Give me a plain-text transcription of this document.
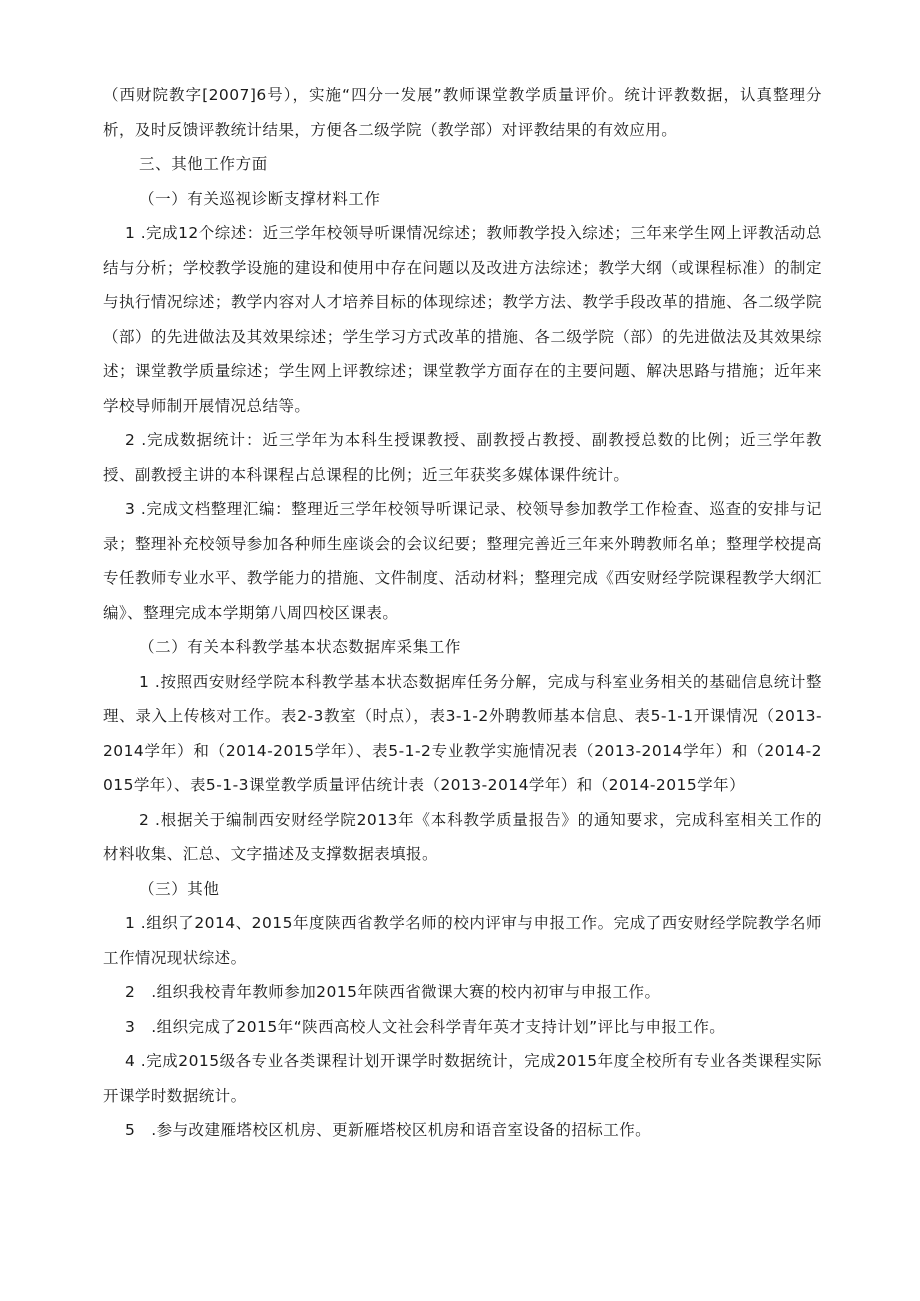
（西财院教字[2007]6号），实施“四分一发展”教师课堂教学质量评价。统计评教数据，认真整理分析，及时反馈评教统计结果，方便各二级学院（教学部）对评教结果的有效应用。

三、其他工作方面

（一）有关巡视诊断支撑材料工作

1 .完成12个综述：近三学年校领导听课情况综述；教师教学投入综述；三年来学生网上评教活动总结与分析；学校教学设施的建设和使用中存在问题以及改进方法综述；教学大纲（或课程标准）的制定与执行情况综述；教学内容对人才培养目标的体现综述；教学方法、教学手段改革的措施、各二级学院（部）的先进做法及其效果综述；学生学习方式改革的措施、各二级学院（部）的先进做法及其效果综述；课堂教学质量综述；学生网上评教综述；课堂教学方面存在的主要问题、解决思路与措施；近年来学校导师制开展情况总结等。

2 .完成数据统计：近三学年为本科生授课教授、副教授占教授、副教授总数的比例；近三学年教授、副教授主讲的本科课程占总课程的比例；近三年获奖多媒体课件统计。

3 .完成文档整理汇编：整理近三学年校领导听课记录、校领导参加教学工作检查、巡查的安排与记录；整理补充校领导参加各种师生座谈会的会议纪要；整理完善近三年来外聘教师名单；整理学校提高专任教师专业水平、教学能力的措施、文件制度、活动材料；整理完成《西安财经学院课程教学大纲汇编》、整理完成本学期第八周四校区课表。

（二）有关本科教学基本状态数据库采集工作

1 .按照西安财经学院本科教学基本状态数据库任务分解，完成与科室业务相关的基础信息统计整理、录入上传核对工作。表2-3教室（时点），表3-1-2外聘教师基本信息、表5-1-1开课情况（2013-2014学年）和（2014-2015学年）、表5-1-2专业教学实施情况表（2013-2014学年）和（2014-2015学年）、表5-1-3课堂教学质量评估统计表（2013-2014学年）和（2014-2015学年）

2 .根据关于编制西安财经学院2013年《本科教学质量报告》的通知要求，完成科室相关工作的材料收集、汇总、文字描述及支撑数据表填报。

（三）其他

1 .组织了2014、2015年度陕西省教学名师的校内评审与申报工作。完成了西安财经学院教学名师工作情况现状综述。

2　.组织我校青年教师参加2015年陕西省微课大赛的校内初审与申报工作。

3　.组织完成了2015年“陕西高校人文社会科学青年英才支持计划”评比与申报工作。

4 .完成2015级各专业各类课程计划开课学时数据统计，完成2015年度全校所有专业各类课程实际开课学时数据统计。

5　.参与改建雁塔校区机房、更新雁塔校区机房和语音室设备的招标工作。
